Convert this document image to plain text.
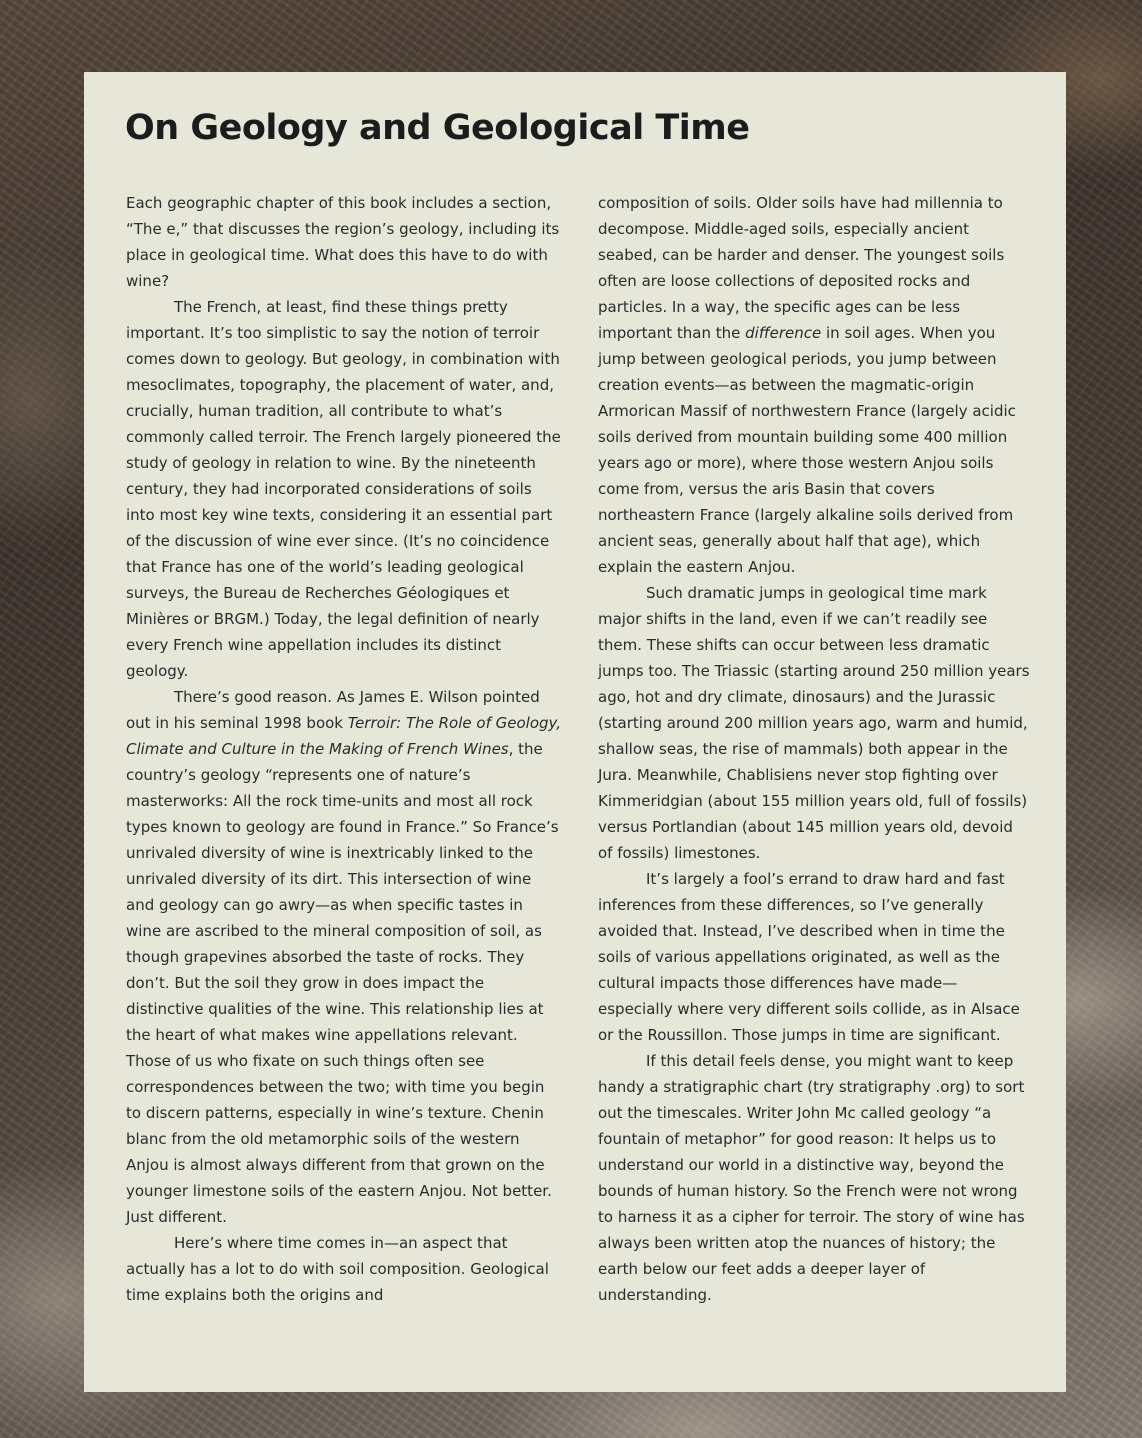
On Geology and Geological Time

Each geographic chapter of this book includes a section, “The e,” that discusses the region’s geology, including its place in geological time. What does this have to do with wine?

The French, at least, find these things pretty important. It’s too simplistic to say the notion of terroir comes down to geology. But geology, in combination with mesoclimates, topography, the placement of water, and, crucially, human tradition, all contribute to what’s commonly called terroir. The French largely pioneered the study of geology in relation to wine. By the nineteenth century, they had incorporated considerations of soils into most key wine texts, considering it an essential part of the discussion of wine ever since. (It’s no coincidence that France has one of the world’s leading geological surveys, the Bureau de Recherches Géologiques et Minières or BRGM.) Today, the legal definition of nearly every French wine appellation includes its distinct geology.

There’s good reason. As James E. Wilson pointed out in his seminal 1998 book Terroir: The Role of Geology, Climate and Culture in the Making of French Wines, the country’s geology “represents one of nature’s masterworks: All the rock time-units and most all rock types known to geology are found in France.” So France’s unrivaled diversity of wine is inextricably linked to the unrivaled diversity of its dirt. This intersection of wine and geology can go awry—as when specific tastes in wine are ascribed to the mineral composition of soil, as though grapevines absorbed the taste of rocks. They don’t. But the soil they grow in does impact the distinctive qualities of the wine. This relationship lies at the heart of what makes wine appellations relevant. Those of us who fixate on such things often see correspondences between the two; with time you begin to discern patterns, especially in wine’s texture. Chenin blanc from the old metamorphic soils of the western Anjou is almost always different from that grown on the younger limestone soils of the eastern Anjou. Not better. Just different.

Here’s where time comes in—an aspect that actually has a lot to do with soil composition. Geological time explains both the origins and

composition of soils. Older soils have had millennia to decompose. Middle-aged soils, especially ancient seabed, can be harder and denser. The youngest soils often are loose collections of deposited rocks and particles. In a way, the specific ages can be less important than the difference in soil ages. When you jump between geological periods, you jump between creation events—as between the magmatic-origin Armorican Massif of northwestern France (largely acidic soils derived from mountain building some 400 million years ago or more), where those western Anjou soils come from, versus the aris Basin that covers northeastern France (largely alkaline soils derived from ancient seas, generally about half that age), which explain the eastern Anjou.

Such dramatic jumps in geological time mark major shifts in the land, even if we can’t readily see them. These shifts can occur between less dramatic jumps too. The Triassic (starting around 250 million years ago, hot and dry climate, dinosaurs) and the Jurassic (starting around 200 million years ago, warm and humid, shallow seas, the rise of mammals) both appear in the Jura. Meanwhile, Chablisiens never stop fighting over Kimmeridgian (about 155 million years old, full of fossils) versus Portlandian (about 145 million years old, devoid of fossils) limestones.

It’s largely a fool’s errand to draw hard and fast inferences from these differences, so I’ve generally avoided that. Instead, I’ve described when in time the soils of various appellations originated, as well as the cultural impacts those differences have made—especially where very different soils collide, as in Alsace or the Roussillon. Those jumps in time are significant.

If this detail feels dense, you might want to keep handy a stratigraphic chart (try stratigraphy .org) to sort out the timescales. Writer John Mc called geology “a fountain of metaphor” for good reason: It helps us to understand our world in a distinctive way, beyond the bounds of human history. So the French were not wrong to harness it as a cipher for terroir. The story of wine has always been written atop the nuances of history; the earth below our feet adds a deeper layer of understanding.
